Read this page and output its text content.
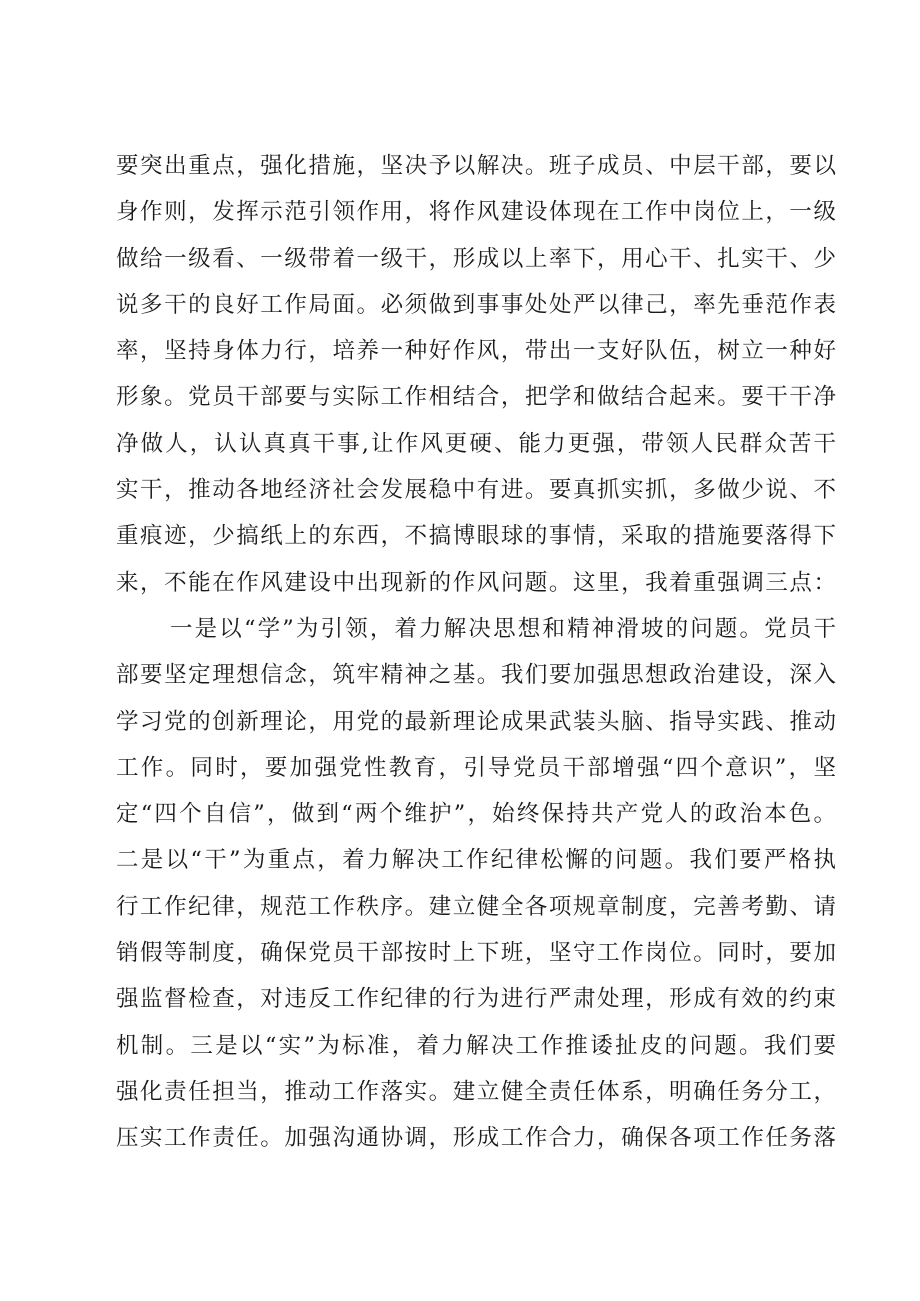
要突出重点，强化措施，坚决予以解决。班子成员、中层干部，要以
身作则，发挥示范引领作用，将作风建设体现在工作中岗位上，一级
做给一级看、一级带着一级干，形成以上率下，用心干、扎实干、少
说多干的良好工作局面。必须做到事事处处严以律己，率先垂范作表
率，坚持身体力行，培养一种好作风，带出一支好队伍，树立一种好
形象。党员干部要与实际工作相结合，把学和做结合起来。要干干净
净做人，认认真真干事,让作风更硬、能力更强，带领人民群众苦干
实干，推动各地经济社会发展稳中有进。要真抓实抓，多做少说、不
重痕迹，少搞纸上的东西，不搞博眼球的事情，采取的措施要落得下
来，不能在作风建设中出现新的作风问题。这里，我着重强调三点：
一是以“学”为引领，着力解决思想和精神滑坡的问题。党员干
部要坚定理想信念，筑牢精神之基。我们要加强思想政治建设，深入
学习党的创新理论，用党的最新理论成果武装头脑、指导实践、推动
工作。同时，要加强党性教育，引导党员干部增强“四个意识”，坚
定“四个自信”，做到“两个维护”，始终保持共产党人的政治本色。
二是以“干”为重点，着力解决工作纪律松懈的问题。我们要严格执
行工作纪律，规范工作秩序。建立健全各项规章制度，完善考勤、请
销假等制度，确保党员干部按时上下班，坚守工作岗位。同时，要加
强监督检查，对违反工作纪律的行为进行严肃处理，形成有效的约束
机制。三是以“实”为标准，着力解决工作推诿扯皮的问题。我们要
强化责任担当，推动工作落实。建立健全责任体系，明确任务分工，
压实工作责任。加强沟通协调，形成工作合力，确保各项工作任务落
